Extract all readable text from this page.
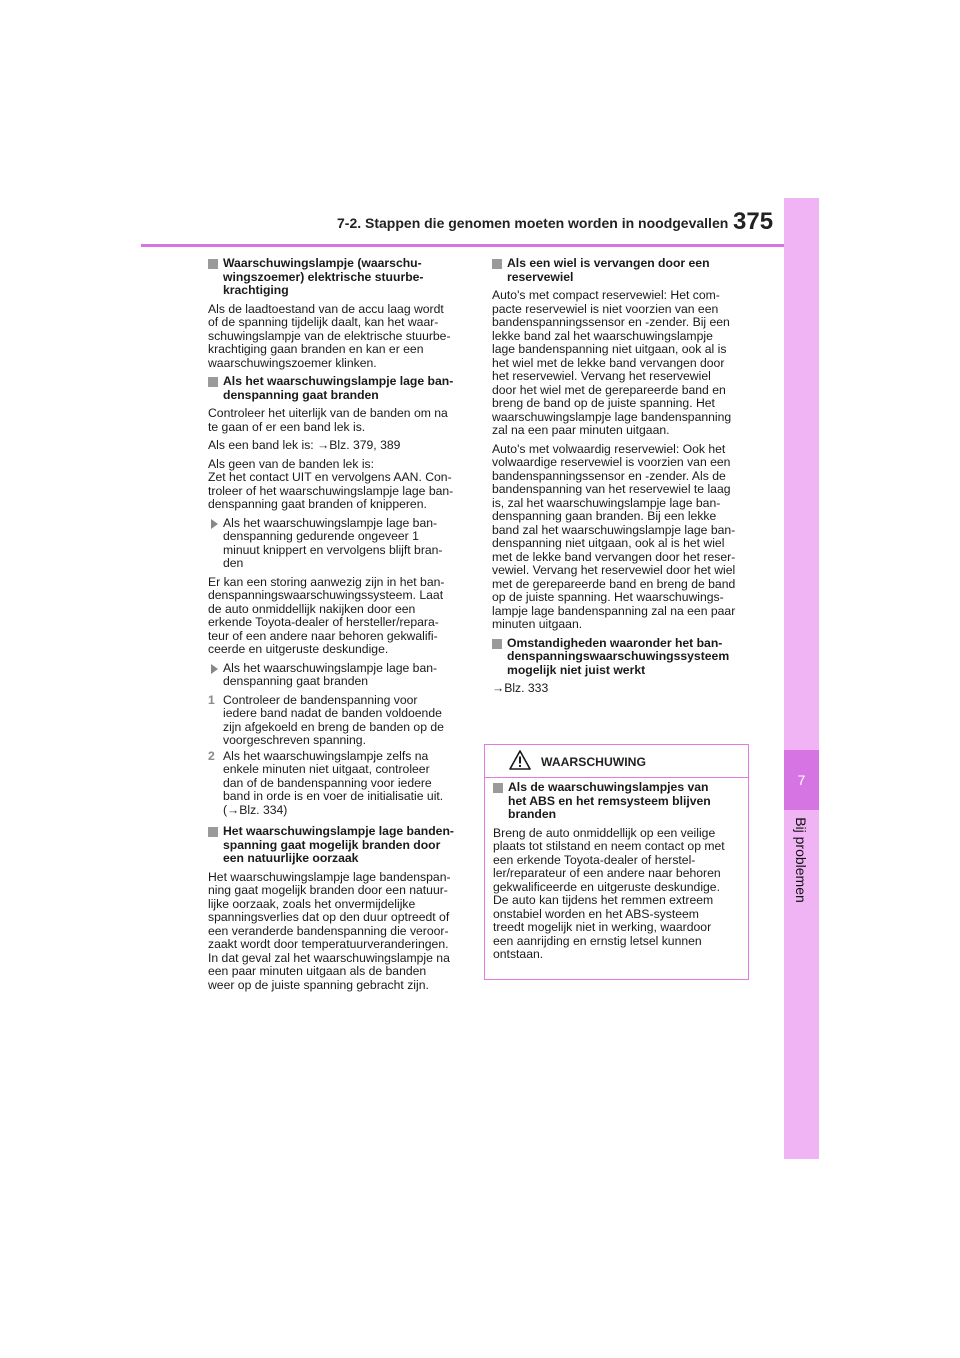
7
Bij problemen
7-2. Stappen die genomen moeten worden in noodgevallen 375
Waarschuwingslampje (waarschu-
wingszoemer) elektrische stuurbe-
krachtiging

Als de laadtoestand van de accu laag wordt
of de spanning tijdelijk daalt, kan het waar-
schuwingslampje van de elektrische stuurbe-
krachtiging gaan branden en kan er een
waarschuwingszoemer klinken.

Als het waarschuwingslampje lage ban-
denspanning gaat branden

Controleer het uiterlijk van de banden om na
te gaan of er een band lek is.

Als een band lek is: →Blz. 379, 389

Als geen van de banden lek is:
Zet het contact UIT en vervolgens AAN. Con-
troleer of het waarschuwingslampje lage ban-
denspanning gaat branden of knipperen.

Als het waarschuwingslampje lage ban-
denspanning gedurende ongeveer 1
minuut knippert en vervolgens blijft bran-
den

Er kan een storing aanwezig zijn in het ban-
denspanningswaarschuwingssysteem. Laat
de auto onmiddellijk nakijken door een
erkende Toyota-dealer of hersteller/repara-
teur of een andere naar behoren gekwalifi-
ceerde en uitgeruste deskundige.

Als het waarschuwingslampje lage ban-
denspanning gaat branden
1 Controleer de bandenspanning voor
iedere band nadat de banden voldoende
zijn afgekoeld en breng de banden op de
voorgeschreven spanning.
2 Als het waarschuwingslampje zelfs na
enkele minuten niet uitgaat, controleer
dan of de bandenspanning voor iedere
band in orde is en voer de initialisatie uit.
(→Blz. 334)
Het waarschuwingslampje lage banden-
spanning gaat mogelijk branden door
een natuurlijke oorzaak

Het waarschuwingslampje lage bandenspan-
ning gaat mogelijk branden door een natuur-
lijke oorzaak, zoals het onvermijdelijke
spanningsverlies dat op den duur optreedt of
een veranderde bandenspanning die veroor-
zaakt wordt door temperatuurveranderingen.
In dat geval zal het waarschuwingslampje na
een paar minuten uitgaan als de banden
weer op de juiste spanning gebracht zijn.

Als een wiel is vervangen door een
reservewiel

Auto's met compact reservewiel: Het com-
pacte reservewiel is niet voorzien van een
bandenspanningssensor en -zender. Bij een
lekke band zal het waarschuwingslampje
lage bandenspanning niet uitgaan, ook al is
het wiel met de lekke band vervangen door
het reservewiel. Vervang het reservewiel
door het wiel met de gerepareerde band en
breng de band op de juiste spanning. Het
waarschuwingslampje lage bandenspanning
zal na een paar minuten uitgaan.

Auto's met volwaardig reservewiel: Ook het
volwaardige reservewiel is voorzien van een
bandenspanningssensor en -zender. Als de
bandenspanning van het reservewiel te laag
is, zal het waarschuwingslampje lage ban-
denspanning gaan branden. Bij een lekke
band zal het waarschuwingslampje lage ban-
denspanning niet uitgaan, ook al is het wiel
met de lekke band vervangen door het reser-
vewiel. Vervang het reservewiel door het wiel
met de gerepareerde band en breng de band
op de juiste spanning. Het waarschuwings-
lampje lage bandenspanning zal na een paar
minuten uitgaan.

Omstandigheden waaronder het ban-
denspanningswaarschuwingssysteem
mogelijk niet juist werkt

→Blz. 333

WAARSCHUWING
Als de waarschuwingslampjes van
het ABS en het remsysteem blijven
branden

Breng de auto onmiddellijk op een veilige
plaats tot stilstand en neem contact op met
een erkende Toyota-dealer of herstel-
ler/reparateur of een andere naar behoren
gekwalificeerde en uitgeruste deskundige.
De auto kan tijdens het remmen extreem
onstabiel worden en het ABS-systeem
treedt mogelijk niet in werking, waardoor
een aanrijding en ernstig letsel kunnen
ontstaan.
